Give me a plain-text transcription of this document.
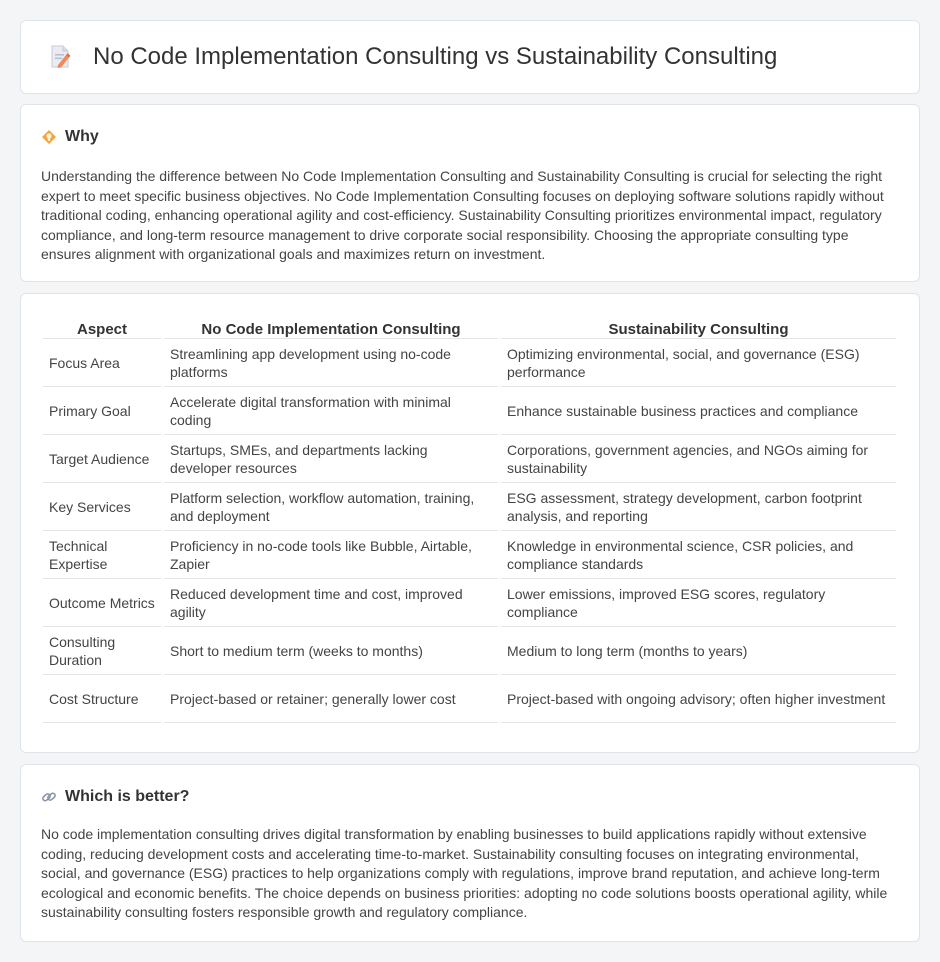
No Code Implementation Consulting vs Sustainability Consulting
Why

Understanding the difference between No Code Implementation Consulting and Sustainability Consulting is crucial for selecting the right expert to meet specific business objectives. No Code Implementation Consulting focuses on deploying software solutions rapidly without traditional coding, enhancing operational agility and cost-efficiency. Sustainability Consulting prioritizes environmental impact, regulatory compliance, and long-term resource management to drive corporate social responsibility. Choosing the appropriate consulting type ensures alignment with organizational goals and maximizes return on investment.

Aspect	No Code Implementation Consulting	Sustainability Consulting
Focus Area	Streamlining app development using no-code platforms	Optimizing environmental, social, and governance (ESG) performance
Primary Goal	Accelerate digital transformation with minimal coding	Enhance sustainable business practices and compliance
Target Audience	Startups, SMEs, and departments lacking developer resources	Corporations, government agencies, and NGOs aiming for sustainability
Key Services	Platform selection, workflow automation, training, and deployment	ESG assessment, strategy development, carbon footprint analysis, and reporting
Technical Expertise	Proficiency in no-code tools like Bubble, Airtable, Zapier	Knowledge in environmental science, CSR policies, and compliance standards
Outcome Metrics	Reduced development time and cost, improved agility	Lower emissions, improved ESG scores, regulatory compliance
Consulting Duration	Short to medium term (weeks to months)	Medium to long term (months to years)
Cost Structure	Project-based or retainer; generally lower cost	Project-based with ongoing advisory; often higher investment
Which is better?

No code implementation consulting drives digital transformation by enabling businesses to build applications rapidly without extensive coding, reducing development costs and accelerating time-to-market. Sustainability consulting focuses on integrating environmental, social, and governance (ESG) practices to help organizations comply with regulations, improve brand reputation, and achieve long-term ecological and economic benefits. The choice depends on business priorities: adopting no code solutions boosts operational agility, while sustainability consulting fosters responsible growth and regulatory compliance.
